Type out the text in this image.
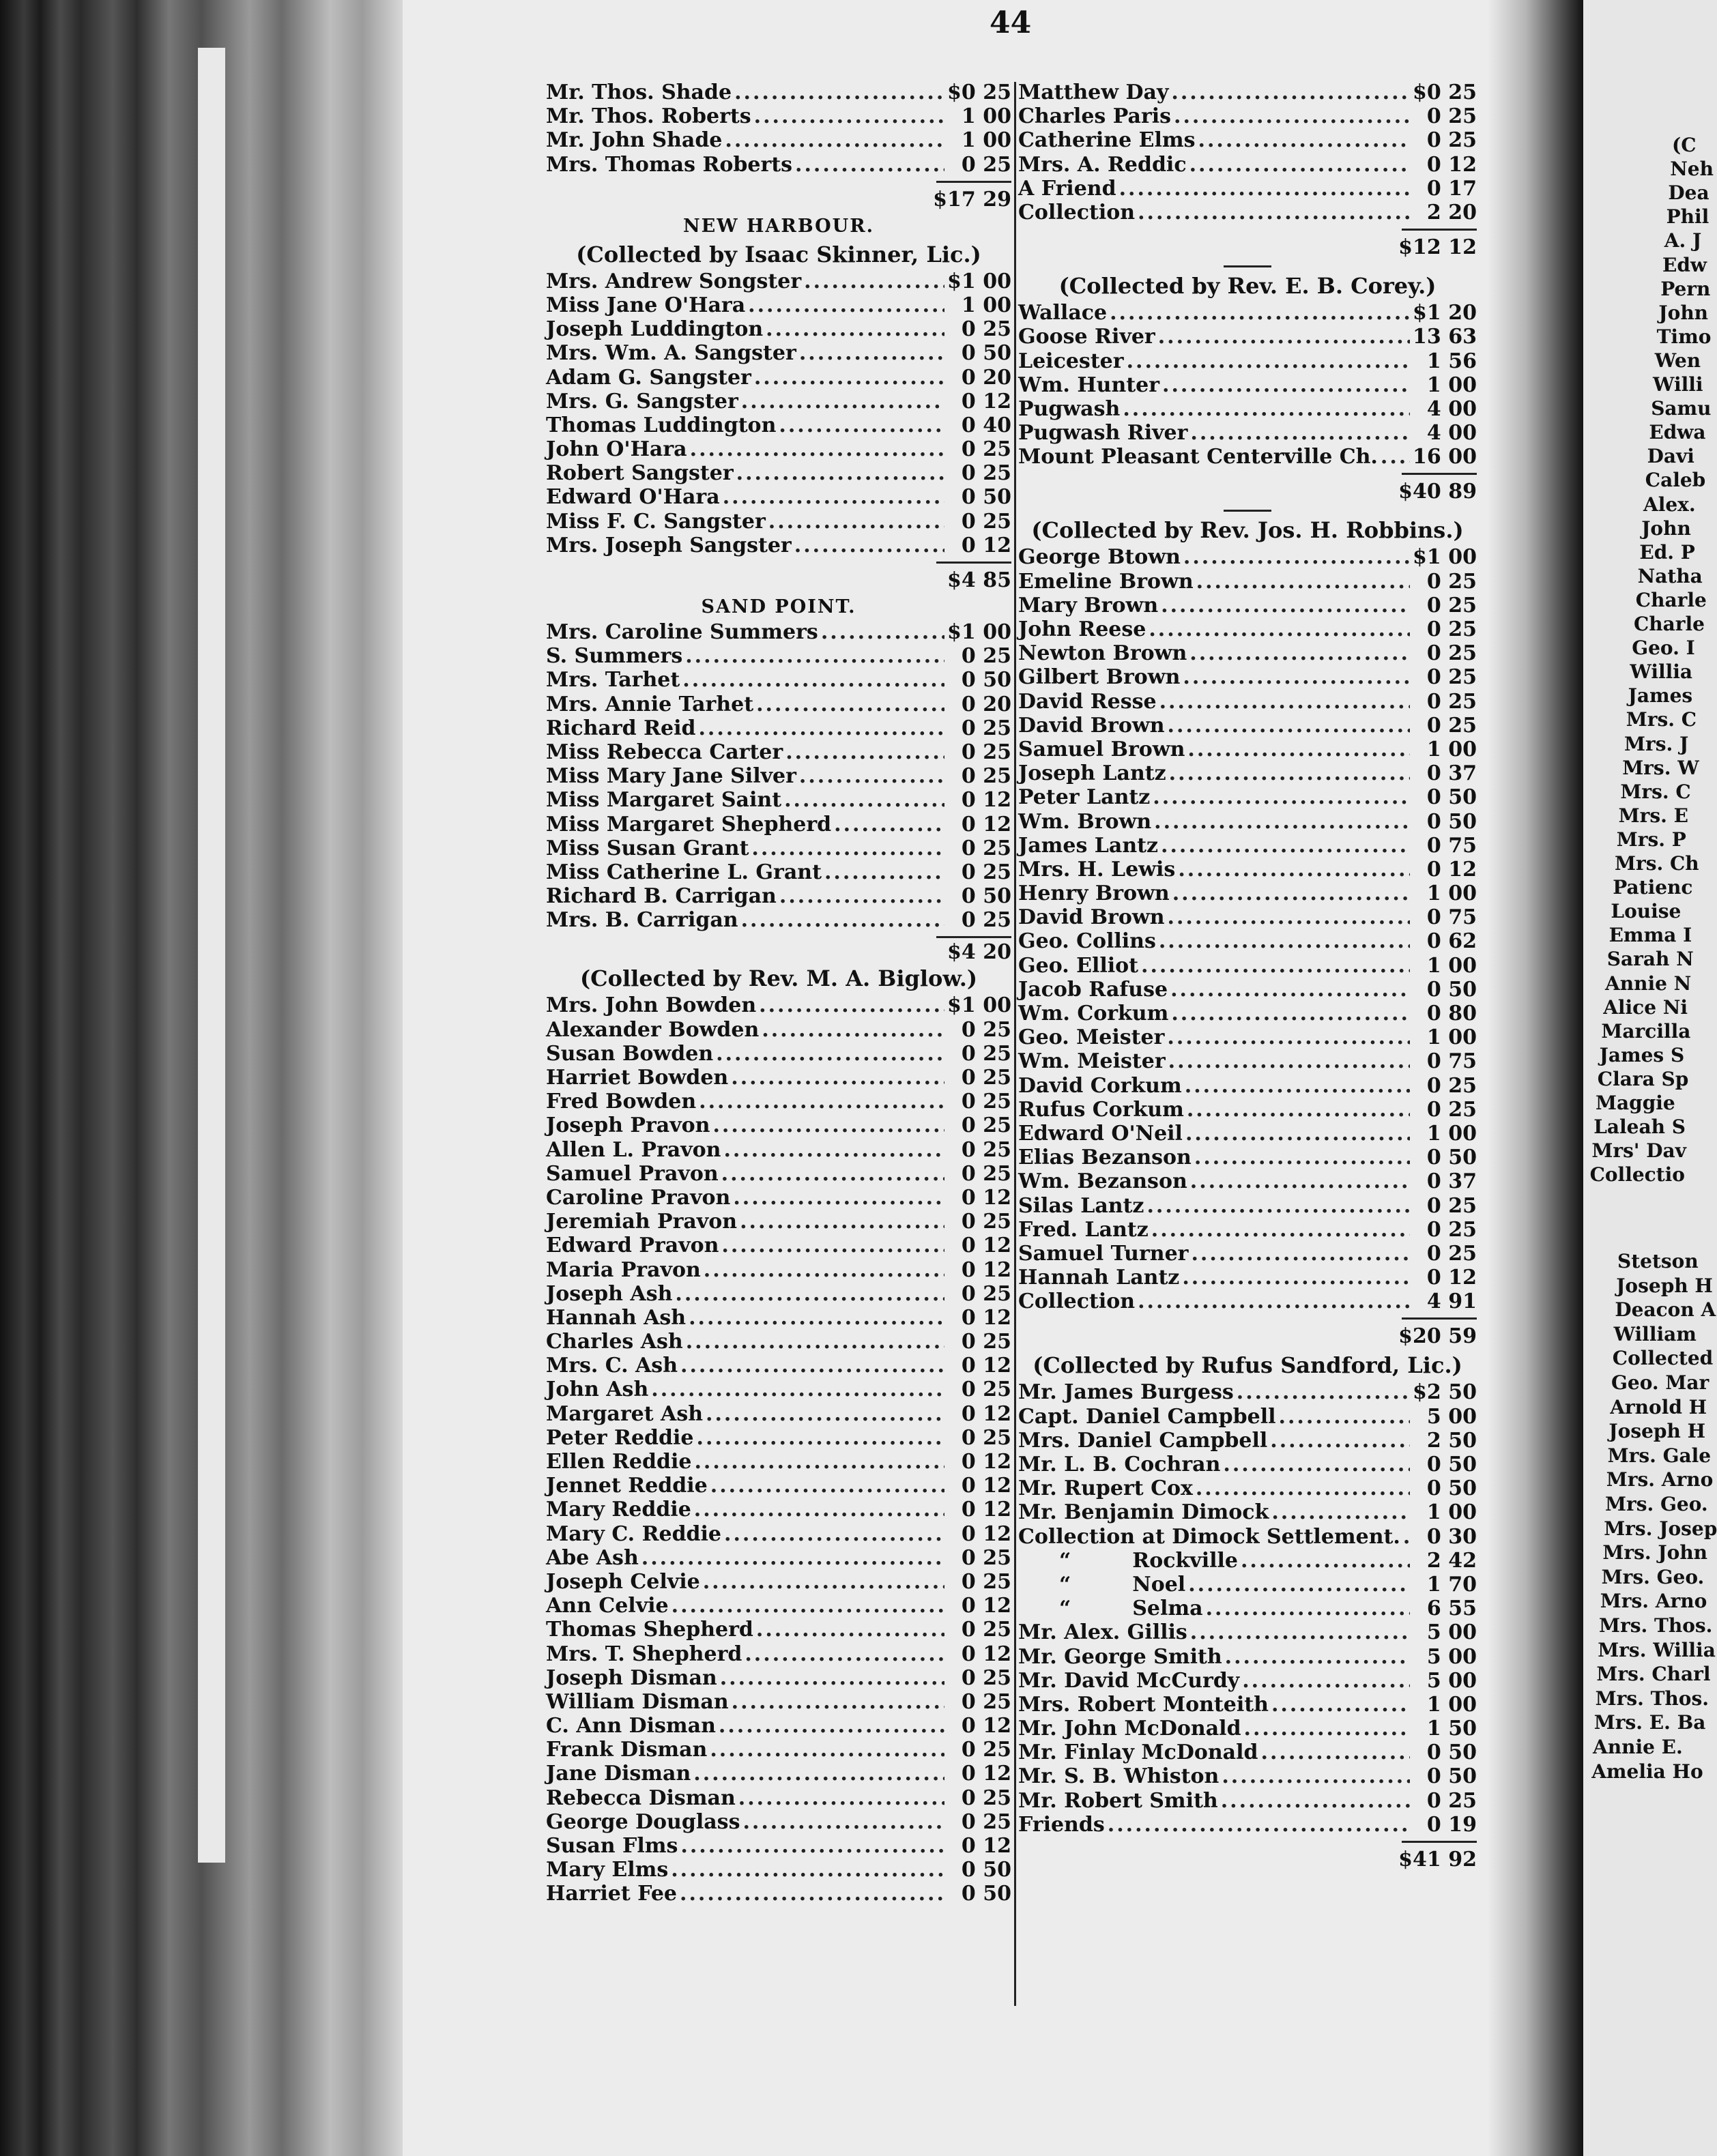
44
Mr. Thos. Shade .....	$0 25
Mr. Thos. Roberts .....	1 00
Mr. John Shade .....	1 00
Mrs. Thomas Roberts .....	0 25
$17 29
NEW HARBOUR.
(Collected by Isaac Skinner, Lic.)
Mrs. Andrew Songster .....	$1 00
Miss Jane O'Hara .....	1 00
Joseph Luddington .....	0 25
Mrs. Wm. A. Sangster .....	0 50
Adam G. Sangster .....	0 20
Mrs. G. Sangster .....	0 12
Thomas Luddington .....	0 40
John O'Hara .....	0 25
Robert Sangster .....	0 25
Edward O'Hara .....	0 50
Miss F. C. Sangster .....	0 25
Mrs. Joseph Sangster .....	0 12
$4 85
SAND POINT.
Mrs. Caroline Summers .....	$1 00
S. Summers .....	0 25
Mrs. Tarhet .....	0 50
Mrs. Annie Tarhet .....	0 20
Richard Reid .....	0 25
Miss Rebecca Carter .....	0 25
Miss Mary Jane Silver .....	0 25
Miss Margaret Saint .....	0 12
Miss Margaret Shepherd .....	0 12
Miss Susan Grant .....	0 25
Miss Catherine L. Grant .....	0 25
Richard B. Carrigan .....	0 50
Mrs. B. Carrigan .....	0 25
$4 20
(Collected by Rev. M. A. Biglow.)
Mrs. John Bowden .....	$1 00
Alexander Bowden .....	0 25
Susan Bowden .....	0 25
Harriet Bowden .....	0 25
Fred Bowden .....	0 25
Joseph Pravon .....	0 25
Allen L. Pravon .....	0 25
Samuel Pravon .....	0 25
Caroline Pravon .....	0 12
Jeremiah Pravon .....	0 25
Edward Pravon .....	0 12
Maria Pravon .....	0 12
Joseph Ash .....	0 25
Hannah Ash .....	0 12
Charles Ash .....	0 25
Mrs. C. Ash .....	0 12
John Ash .....	0 25
Margaret Ash .....	0 12
Peter Reddie .....	0 25
Ellen Reddie .....	0 12
Jennet Reddie .....	0 12
Mary Reddie .....	0 12
Mary C. Reddie .....	0 12
Abe Ash .....	0 25
Joseph Celvie .....	0 25
Ann Celvie .....	0 12
Thomas Shepherd .....	0 25
Mrs. T. Shepherd .....	0 12
Joseph Disman .....	0 25
William Disman .....	0 25
C. Ann Disman .....	0 12
Frank Disman .....	0 25
Jane Disman .....	0 12
Rebecca Disman .....	0 25
George Douglass .....	0 25
Susan Flms .....	0 12
Mary Elms .....	0 50
Harriet Fee .....	0 50
Matthew Day .....	$0 25
Charles Paris .....	0 25
Catherine Elms .....	0 25
Mrs. A. Reddic .....	0 12
A Friend .....	0 17
Collection .....	2 20
$12 12
(Collected by Rev. E. B. Corey.)
Wallace .....	$1 20
Goose River .....	13 63
Leicester .....	1 56
Wm. Hunter .....	1 00
Pugwash .....	4 00
Pugwash River .....	4 00
Mount Pleasant Centerville Ch. ..... 16 00
$40 89
(Collected by Rev. Jos. H. Robbins.)
George Btown .....	$1 00
Emeline Brown .....	0 25
Mary Brown .....	0 25
John Reese .....	0 25
Newton Brown .....	0 25
Gilbert Brown .....	0 25
David Resse .....	0 25
David Brown .....	0 25
Samuel Brown .....	1 00
Joseph Lantz .....	0 37
Peter Lantz .....	0 50
Wm. Brown .....	0 50
James Lantz .....	0 75
Mrs. H. Lewis .....	0 12
Henry Brown .....	1 00
David Brown .....	0 75
Geo. Collins .....	0 62
Geo. Elliot .....	1 00
Jacob Rafuse .....	0 50
Wm. Corkum .....	0 80
Geo. Meister .....	1 00
Wm. Meister .....	0 75
David Corkum .....	0 25
Rufus Corkum .....	0 25
Edward O'Neil .....	1 00
Elias Bezanson .....	0 50
Wm. Bezanson .....	0 37
Silas Lantz .....	0 25
Fred. Lantz .....	0 25
Samuel Turner .....	0 25
Hannah Lantz .....	0 12
Collection .....	4 91
$20 59
(Collected by Rufus Sandford, Lic.)
Mr. James Burgess .....	$2 50
Capt. Daniel Campbell .....	5 00
Mrs. Daniel Campbell .....	2 50
Mr. L. B. Cochran .....	0 50
Mr. Rupert Cox .....	0 50
Mr. Benjamin Dimock .....	1 00
Collection at Dimock Settlement. .....	0 30
“	Rockville .....	2 42
“	Noel .....	1 70
“	Selma .....	6 55
Mr. Alex. Gillis .....	5 00
Mr. George Smith .....	5 00
Mr. David McCurdy .....	5 00
Mrs. Robert Monteith .....	1 00
Mr. John McDonald .....	1 50
Mr. Finlay McDonald .....	0 50
Mr. S. B. Whiston .....	0 50
Mr. Robert Smith .....	0 25
Friends .....	0 19
$41 92
(C
Neh
Dea
Phil
A. J
Edw
Pern
John
Timo
Wen
Willi
Samu
Edwa
Davi
Caleb
Alex.
John
Ed. P
Natha
Charle
Charle
Geo. I
Willia
James
Mrs. C
Mrs. J
Mrs. W
Mrs. C
Mrs. E
Mrs. P
Mrs. Ch
Patienc
Louise
Emma I
Sarah N
Annie N
Alice Ni
Marcilla
James S
Clara Sp
Maggie
Laleah S
Mrs' Dav
Collectio
Stetson
Joseph H
Deacon A
William
Collected
Geo. Mar
Arnold H
Joseph H
Mrs. Gale
Mrs. Arno
Mrs. Geo.
Mrs. Josep
Mrs. John
Mrs. Geo.
Mrs. Arno
Mrs. Thos.
Mrs. Willia
Mrs. Charl
Mrs. Thos.
Mrs. E. Ba
Annie E.
Amelia Ho
